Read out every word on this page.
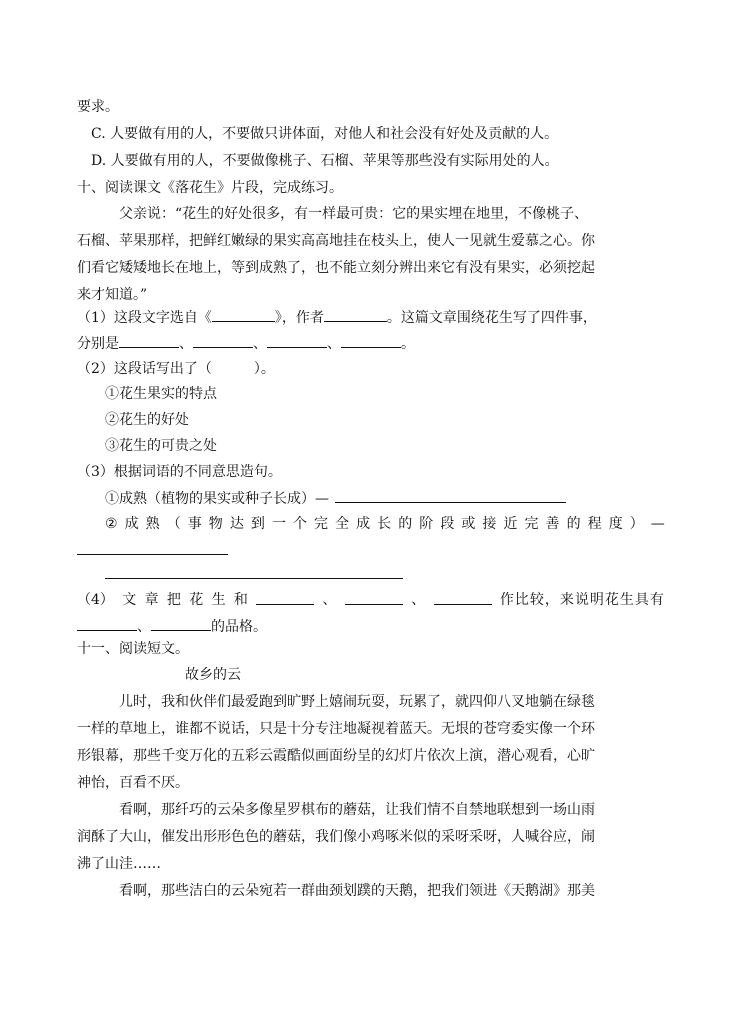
要求。
C. 人要做有用的人，不要做只讲体面，对他人和社会没有好处及贡献的人。
D. 人要做有用的人，不要做像桃子、石榴、苹果等那些没有实际用处的人。
十、阅读课文《落花生》片段，完成练习。
父亲说：“花生的好处很多，有一样最可贵：它的果实埋在地里，不像桃子、
石榴、苹果那样，把鲜红嫩绿的果实高高地挂在枝头上，使人一见就生爱慕之心。你
们看它矮矮地长在地上，等到成熟了，也不能立刻分辨出来它有没有果实，必须挖起
来才知道。”
（1）这段文字选自《	》，作者	。这篇文章围绕花生写了四件事，
分别是	、	、	、	。
（2）这段话写出了（　　　）。
①花生果实的特点
②花生的好处
③花生的可贵之处
（3）根据词语的不同意思造句。
①成熟（植物的果实或种子长成）—
② 成 熟 （ 事 物 达 到 一 个 完 全 成 长 的 阶 段 或 接 近 完 善 的 程 度 ） —
（4） 文 章 把 花 生 和	、	、	作比较，来说明花生具有
、	的品格。
十一、阅读短文。
故乡的云
儿时，我和伙伴们最爱跑到旷野上嬉闹玩耍，玩累了，就四仰八叉地躺在绿毯
一样的草地上，谁都不说话，只是十分专注地凝视着蓝天。无垠的苍穹委实像一个环
形银幕，那些千变万化的五彩云霞酷似画面纷呈的幻灯片依次上演，潜心观看，心旷
神怡，百看不厌。
看啊，那纤巧的云朵多像星罗棋布的蘑菇，让我们情不自禁地联想到一场山雨
润酥了大山，催发出形形色色的蘑菇，我们像小鸡啄米似的采呀采呀，人喊谷应，闹
沸了山洼……
看啊，那些洁白的云朵宛若一群曲颈划蹼的天鹅，把我们领进《天鹅湖》那美
